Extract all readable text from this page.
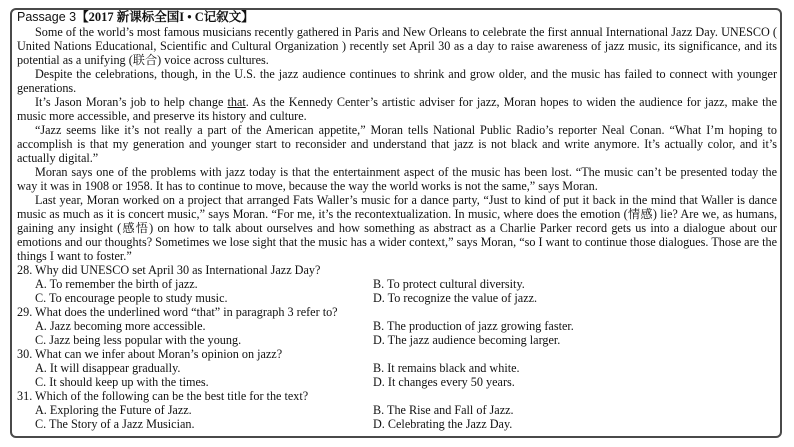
Passage 3【2017 新课标全国I • C记叙文】

Some of the world’s most famous musicians recently gathered in Paris and New Orleans to celebrate the first annual International Jazz Day. UNESCO ( United Nations Educational, Scientific and Cultural Organization ) recently set April 30 as a day to raise awareness of jazz music, its significance, and its potential as a unifying (联合) voice across cultures.

Despite the celebrations, though, in the U.S. the jazz audience continues to shrink and grow older, and the music has failed to connect with younger generations.

It’s Jason Moran’s job to help change that. As the Kennedy Center’s artistic adviser for jazz, Moran hopes to widen the audience for jazz, make the music more accessible, and preserve its history and culture.

“Jazz seems like it’s not really a part of the American appetite,” Moran tells National Public Radio’s reporter Neal Conan. “What I’m hoping to accomplish is that my generation and younger start to reconsider and understand that jazz is not black and write anymore. It’s actually color, and it’s actually digital.”

Moran says one of the problems with jazz today is that the entertainment aspect of the music has been lost. “The music can’t be presented today the way it was in 1908 or 1958. It has to continue to move, because the way the world works is not the same,” says Moran.

Last year, Moran worked on a project that arranged Fats Waller’s music for a dance party, “Just to kind of put it back in the mind that Waller is dance music as much as it is concert music,” says Moran. “For me, it’s the recontextualization. In music, where does the emotion (情感) lie? Are we, as humans, gaining any insight (感悟) on how to talk about ourselves and how something as abstract as a Charlie Parker record gets us into a dialogue about our emotions and our thoughts? Sometimes we lose sight that the music has a wider context,” says Moran, “so I want to continue those dialogues. Those are the things I want to foster.”

28. Why did UNESCO set April 30 as International Jazz Day?
A. To remember the birth of jazz.	B. To protect cultural diversity.
C. To encourage people to study music.	D. To recognize the value of jazz.
29. What does the underlined word “that” in paragraph 3 refer to?
A. Jazz becoming more accessible.	B. The production of jazz growing faster.
C. Jazz being less popular with the young.	D. The jazz audience becoming larger.
30. What can we infer about Moran’s opinion on jazz?
A. It will disappear gradually.	B. It remains black and white.
C. It should keep up with the times.	D. It changes every 50 years.
31. Which of the following can be the best title for the text?
A. Exploring the Future of Jazz.	B. The Rise and Fall of Jazz.
C. The Story of a Jazz Musician.	D. Celebrating the Jazz Day.
